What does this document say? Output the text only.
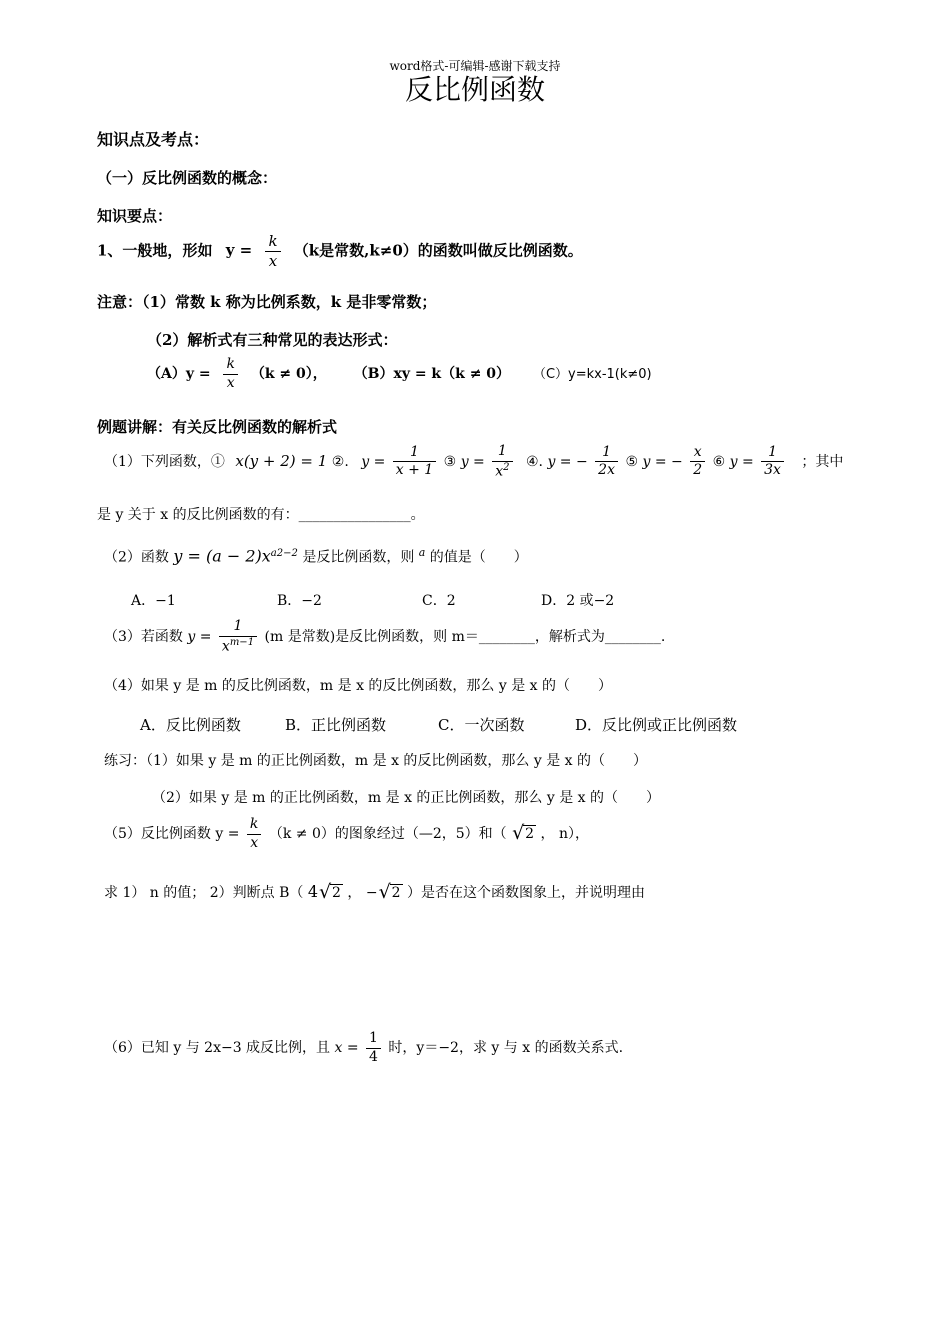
word格式-可编辑-感谢下载支持
反比例函数
知识点及考点：
（一）反比例函数的概念：
知识要点：
1、一般地，形如 $y = \frac{k}{x} (k$是常数,k≠0）的函数叫做反比例函数。
注意：（1）常数 k 称为比例系数，k 是非零常数；
（2）解析式有三种常见的表达形式：
$(A)y = \frac{k}{x} (k \ne 0)$， （B）xy = k（k ≠ 0） （C）y=kx-1(k≠0)
例题讲解：有关反比例函数的解析式
（1）下列函数，① x(y + 2) = 1 ②. $y = \frac{1}{x + 1}$ ③ $y = \frac{1}{x^2}$ ④. y = − $\frac{1}{2x}$ ⑤ y = − $\frac{x}{2}$ ⑥ $y = \frac{1}{3x}$ ；其中
是 y 关于 x 的反比例函数的有：________________。
（2）函数 $y = (a - 2)x^{a2-2}$ 是反比例函数，则 $^a$ 的值是（　　）
A．−1	B．−2	C．2	D．2 或−2
（3）若函数 $y = \frac{1}{x^{m-1}} (m$ 是常数)是反比例函数，则 m＝________，解析式为________.
（4）如果 y 是 m 的反比例函数，m 是 x 的反比例函数，那么 y 是 x 的（　　）
A．反比例函数	B．正比例函数	C．一次函数	D．反比例或正比例函数
练习：（1）如果 y 是 m 的正比例函数，m 是 x 的反比例函数，那么 y 是 x 的（　　）
（2）如果 y 是 m 的正比例函数，m 是 x 的正比例函数，那么 y 是 x 的（　　）
（5）反比例函数 $y = \frac{k}{x} (k \ne 0)$的图象经过（—2，5）和（ √ 2 ， n），
求 1） n 的值； 2）判断点 B（ 4 √ 2 ， − √ 2 ）是否在这个函数图象上，并说明理由
（6）已知 y 与 2x−3 成反比例，且 $x = \frac{1}{4}$ 时，y＝−2，求 y 与 x 的函数关系式.
